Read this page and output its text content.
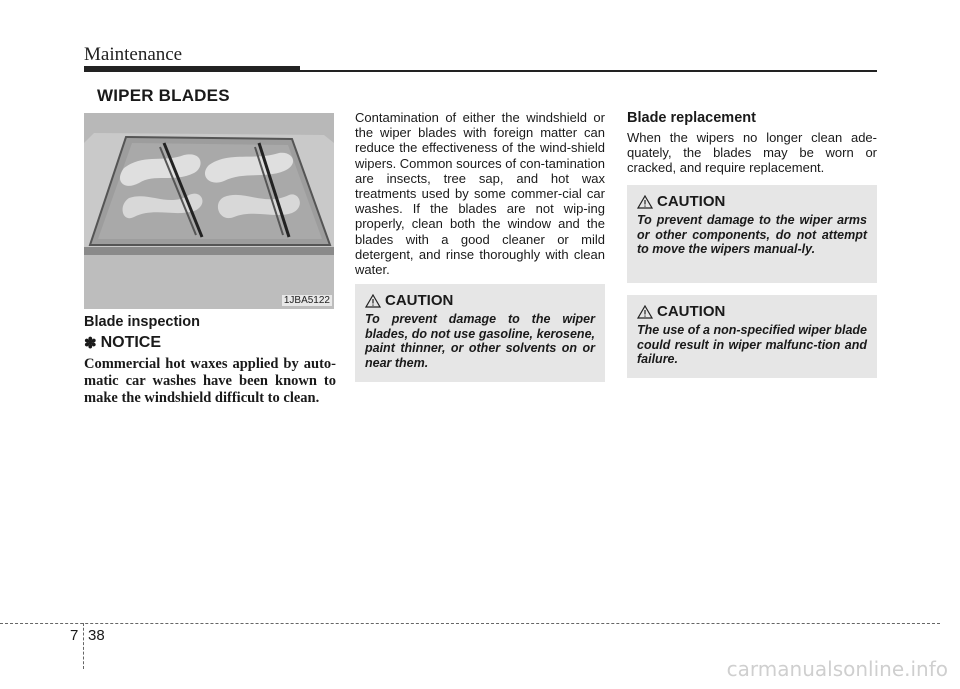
Maintenance
WIPER BLADES
1JBA5122
Blade inspection
✽ NOTICE

Commercial hot waxes applied by auto-matic car washes have been known to make the windshield difficult to clean.

Contamination of either the windshield or the wiper blades with foreign matter can reduce the effectiveness of the wind-shield wipers. Common sources of con-tamination are insects, tree sap, and hot wax treatments used by some commer-cial car washes. If the blades are not wip-ing properly, clean both the window and the blades with a good cleaner or mild detergent, and rinse thoroughly with clean water.

CAUTION

To prevent damage to the wiper blades, do not use gasoline, kerosene, paint thinner, or other solvents on or near them.

Blade replacement

When the wipers no longer clean ade-quately, the blades may be worn or cracked, and require replacement.

CAUTION

To prevent damage to the wiper arms or other components, do not attempt to move the wipers manual-ly.

CAUTION

The use of a non-specified wiper blade could result in wiper malfunc-tion and failure.

7 38
carmanualsonline.info
